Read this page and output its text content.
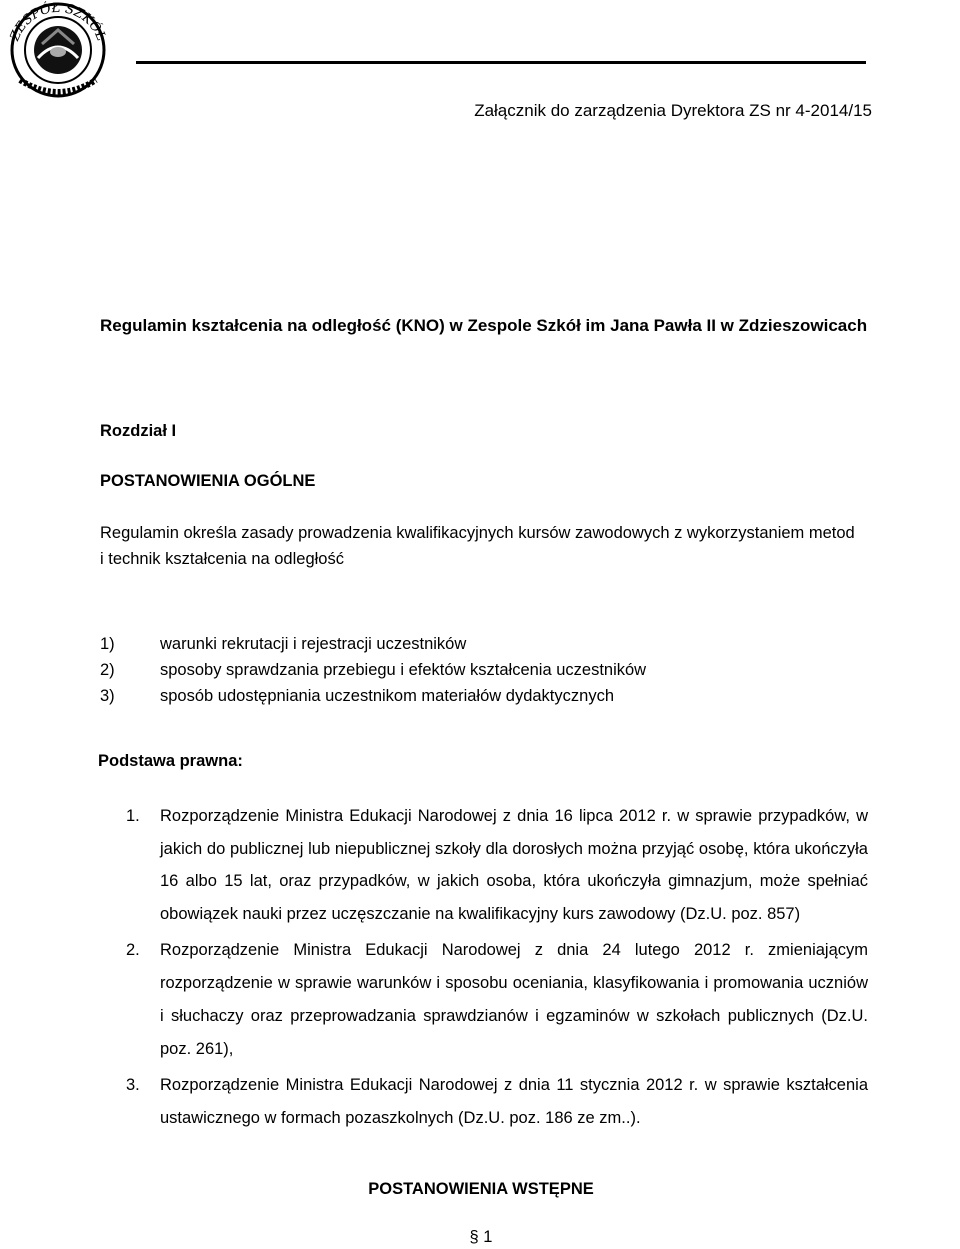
ZESPÓŁ SZKÓŁ
Załącznik do zarządzenia Dyrektora ZS nr 4-2014/15
Regulamin kształcenia na odległość (KNO) w Zespole Szkół im Jana Pawła II w Zdzieszowicach
Rozdział I
POSTANOWIENIA OGÓLNE
Regulamin określa zasady prowadzenia kwalifikacyjnych kursów zawodowych z wykorzystaniem metod i technik kształcenia na odległość
1)	warunki rekrutacji i rejestracji uczestników
2)	sposoby sprawdzania przebiegu i efektów kształcenia uczestników
3)	sposób udostępniania uczestnikom materiałów dydaktycznych
Podstawa prawna:
1. Rozporządzenie Ministra Edukacji Narodowej z dnia 16 lipca 2012 r. w sprawie przypadków, w jakich do publicznej lub niepublicznej szkoły dla dorosłych można przyjąć osobę, która ukończyła 16 albo 15 lat, oraz przypadków, w jakich osoba, która ukończyła gimnazjum, może spełniać obowiązek nauki przez uczęszczanie na kwalifikacyjny kurs zawodowy (Dz.U. poz. 857)
2. Rozporządzenie Ministra Edukacji Narodowej z dnia 24 lutego 2012 r. zmieniającym rozporządzenie w sprawie warunków i sposobu oceniania, klasyfikowania i promowania uczniów i słuchaczy oraz przeprowadzania sprawdzianów i egzaminów w szkołach publicznych (Dz.U. poz. 261),
3. Rozporządzenie Ministra Edukacji Narodowej z dnia 11 stycznia 2012 r. w sprawie kształcenia ustawicznego w formach pozaszkolnych (Dz.U. poz. 186 ze zm..).
POSTANOWIENIA WSTĘPNE
§ 1
